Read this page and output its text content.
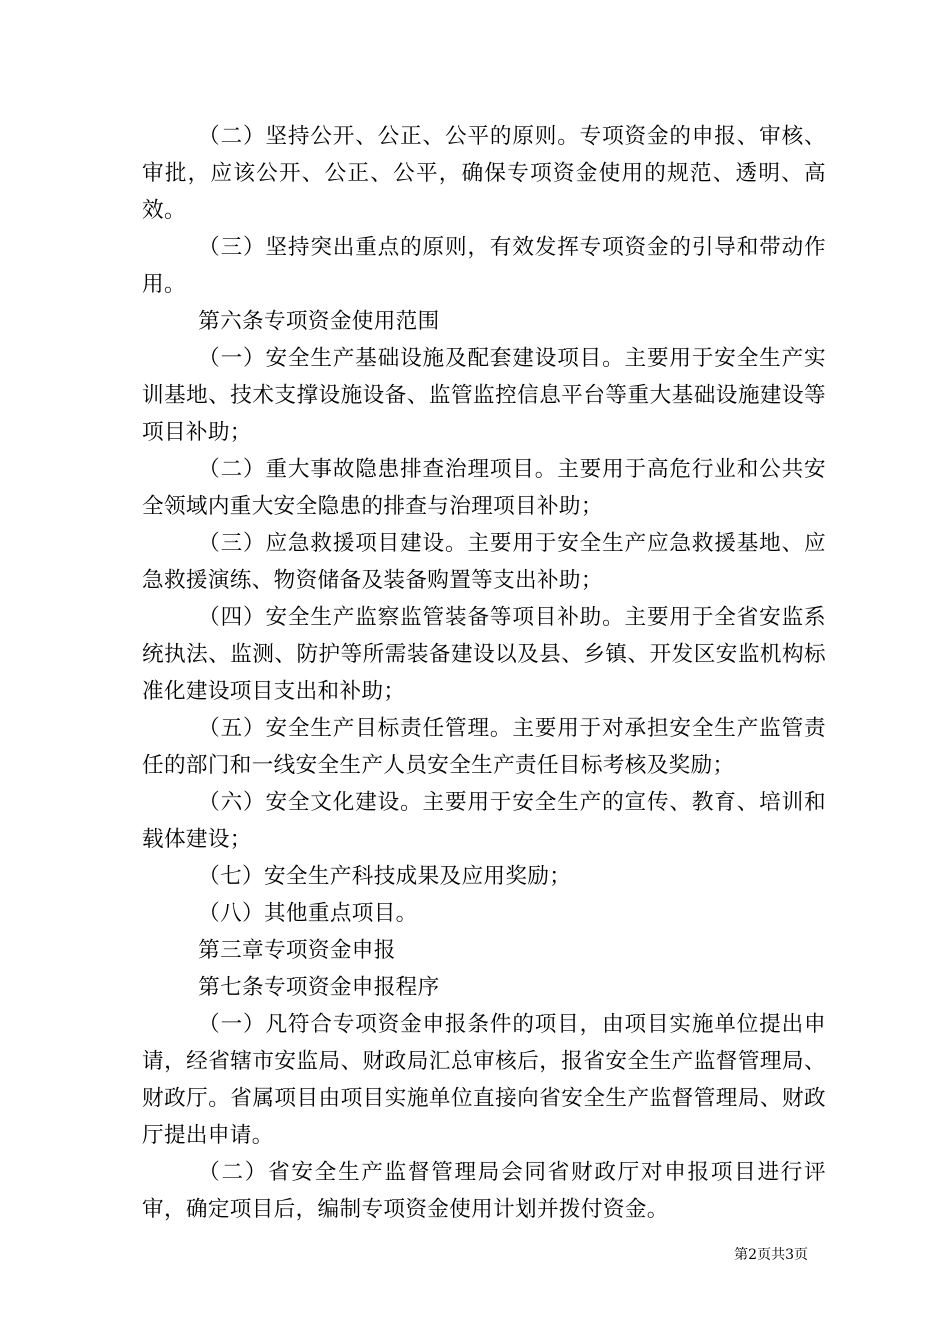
（二）坚持公开、公正、公平的原则。专项资金的申报、审核、审批，应该公开、公正、公平，确保专项资金使用的规范、透明、高效。

（三）坚持突出重点的原则，有效发挥专项资金的引导和带动作用。

第六条专项资金使用范围

（一）安全生产基础设施及配套建设项目。主要用于安全生产实训基地、技术支撑设施设备、监管监控信息平台等重大基础设施建设等项目补助；

（二）重大事故隐患排查治理项目。主要用于高危行业和公共安全领域内重大安全隐患的排查与治理项目补助；

（三）应急救援项目建设。主要用于安全生产应急救援基地、应急救援演练、物资储备及装备购置等支出补助；

（四）安全生产监察监管装备等项目补助。主要用于全省安监系统执法、监测、防护等所需装备建设以及县、乡镇、开发区安监机构标准化建设项目支出和补助；

（五）安全生产目标责任管理。主要用于对承担安全生产监管责任的部门和一线安全生产人员安全生产责任目标考核及奖励；

（六）安全文化建设。主要用于安全生产的宣传、教育、培训和载体建设；

（七）安全生产科技成果及应用奖励；

（八）其他重点项目。

第三章专项资金申报

第七条专项资金申报程序

（一）凡符合专项资金申报条件的项目，由项目实施单位提出申请，经省辖市安监局、财政局汇总审核后，报省安全生产监督管理局、财政厅。省属项目由项目实施单位直接向省安全生产监督管理局、财政厅提出申请。

（二）省安全生产监督管理局会同省财政厅对申报项目进行评审，确定项目后，编制专项资金使用计划并拨付资金。

第2页共3页
